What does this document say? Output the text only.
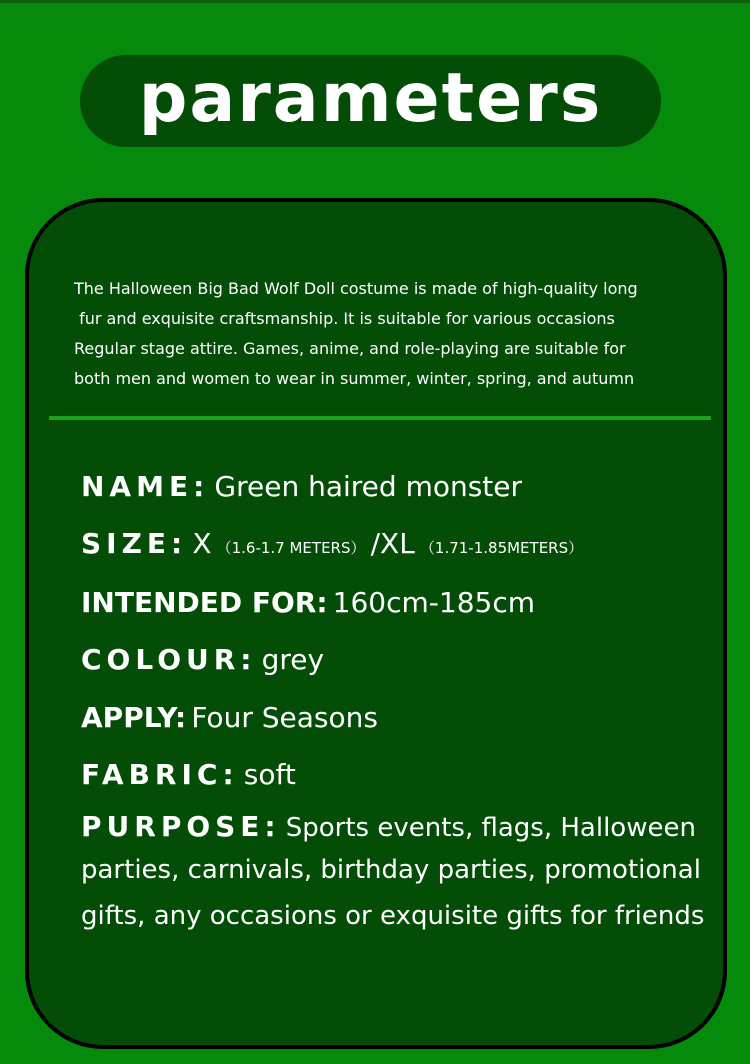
parameters
The Halloween Big Bad Wolf Doll costume is made of high-quality long
fur and exquisite craftsmanship. It is suitable for various occasions
Regular stage attire. Games, anime, and role-playing are suitable for
both men and women to wear in summer, winter, spring, and autumn
NAME: Green haired monster
SIZE: X （1.6-1.7 METERS） /XL （1.71-1.85METERS）
INTENDED FOR: 160cm-185cm
COLOUR: grey
APPLY: Four Seasons
FABRIC: soft
PURPOSE: Sports events, flags, Halloween
parties, carnivals, birthday parties, promotional
gifts, any occasions or exquisite gifts for friends
